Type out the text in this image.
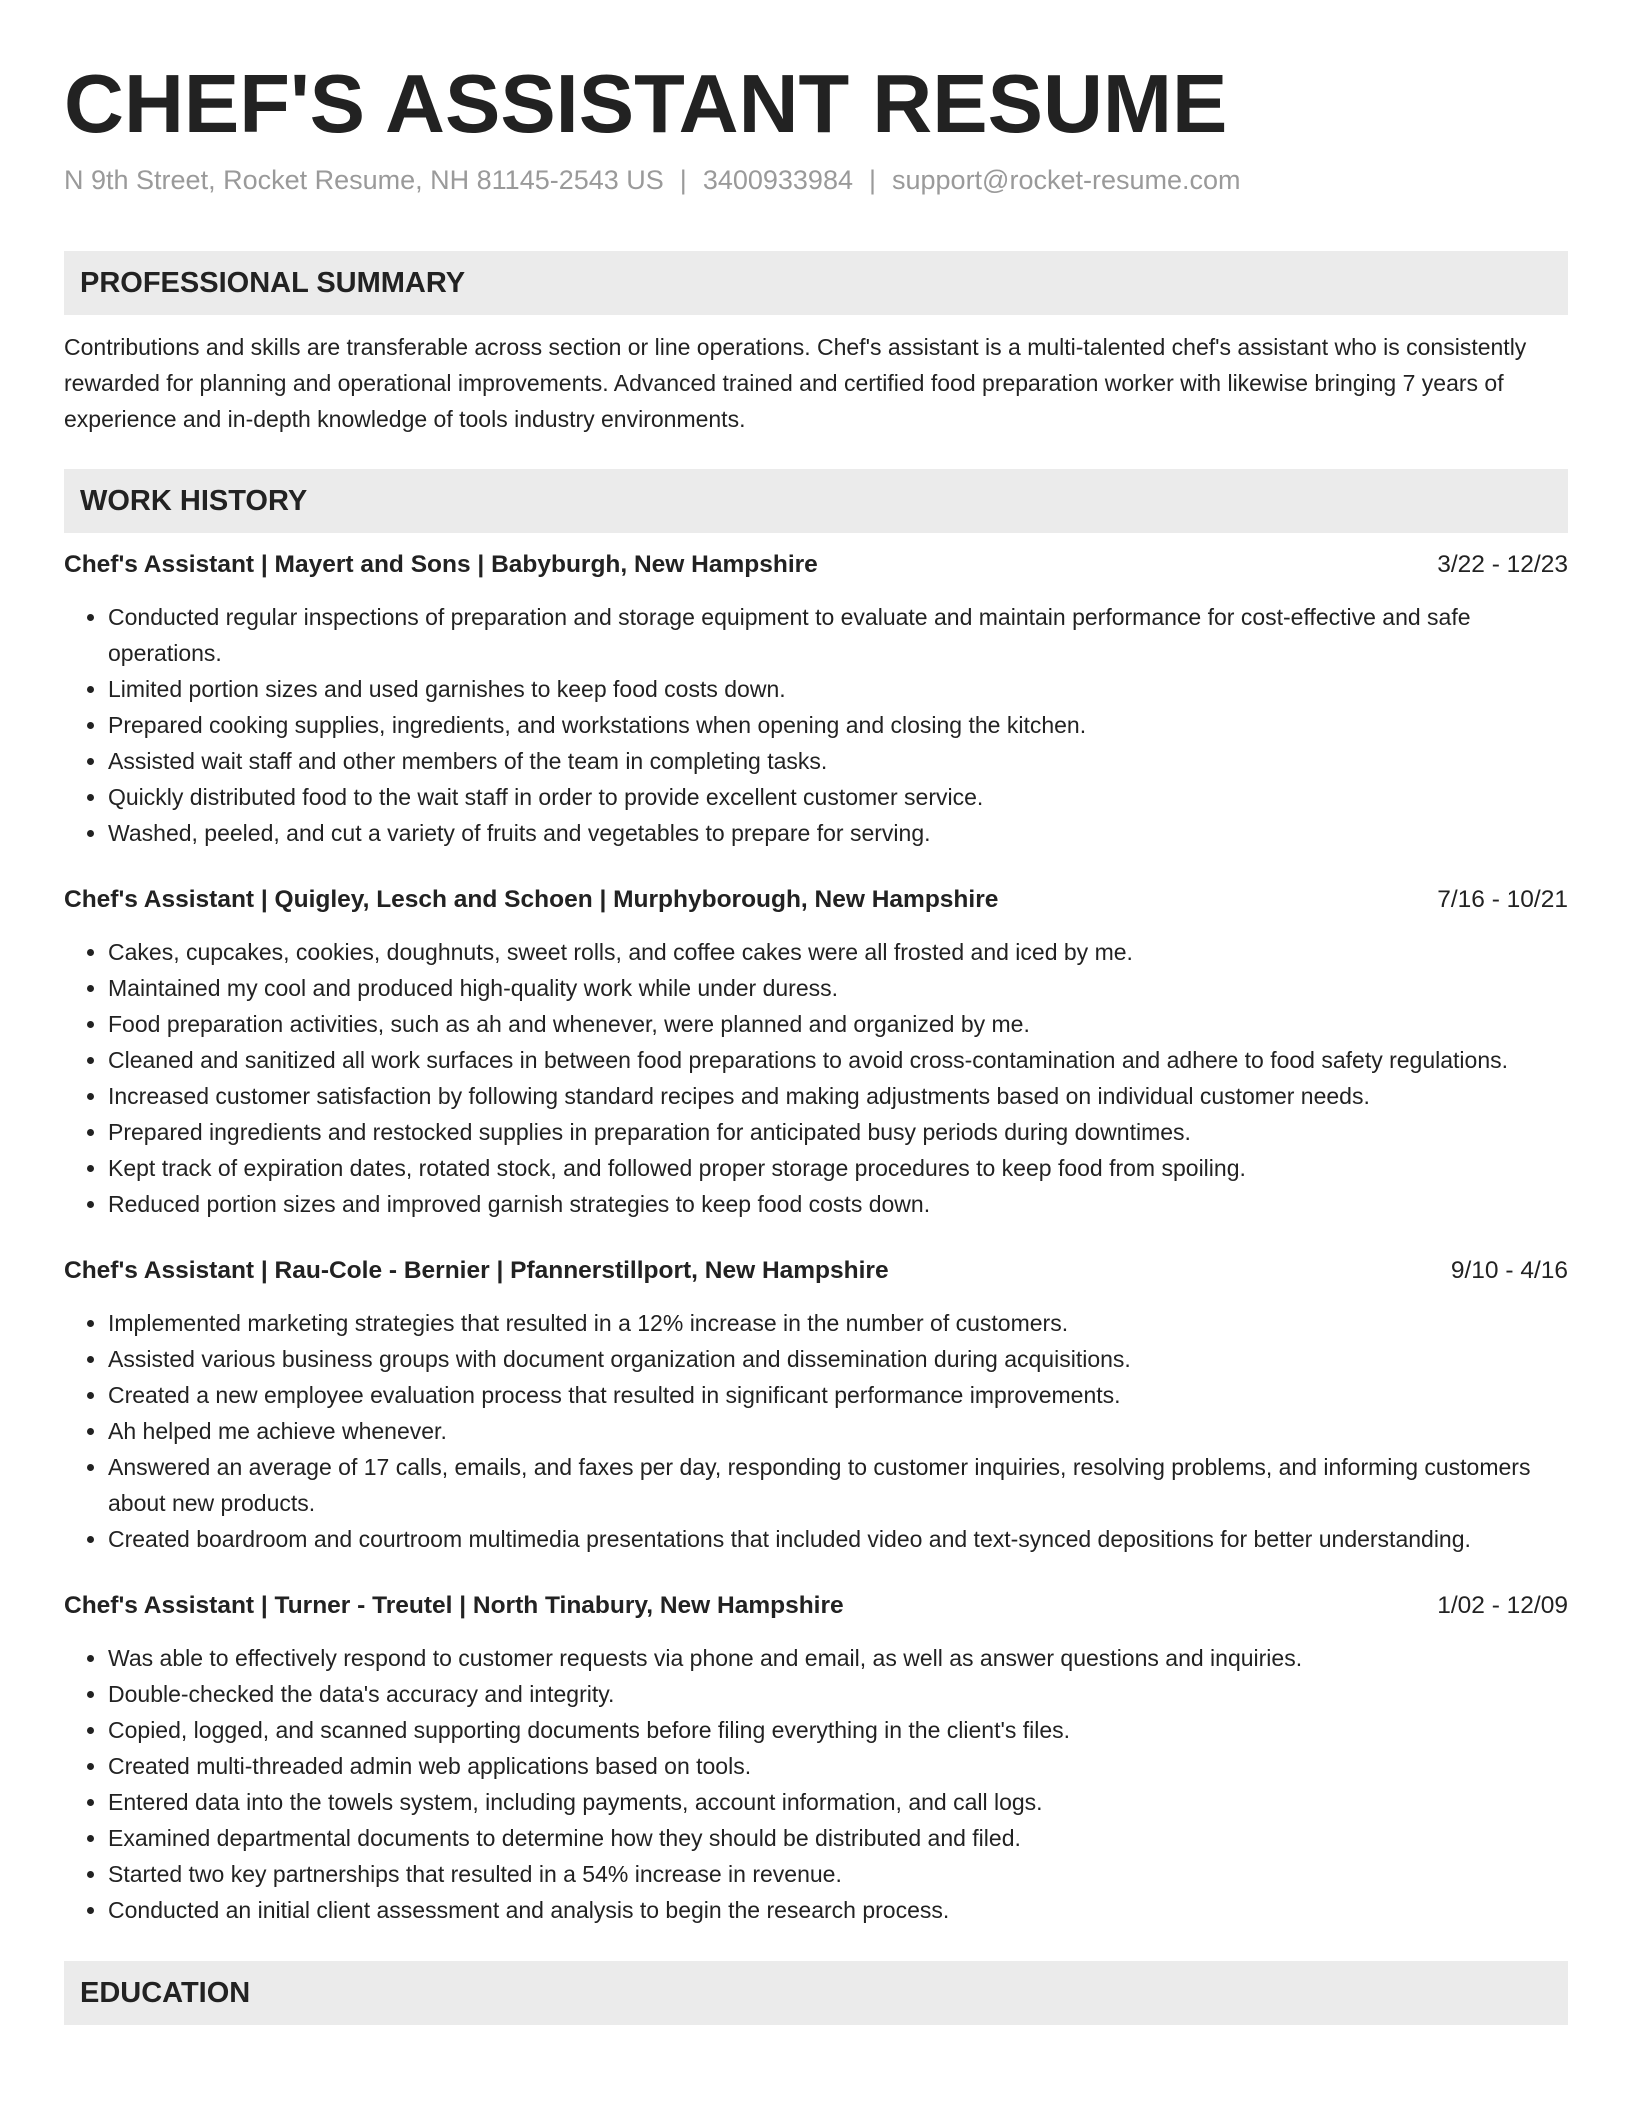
CHEF'S ASSISTANT RESUME
N 9th Street, Rocket Resume, NH 81145-2543 US | 3400933984 | support@rocket-resume.com
PROFESSIONAL SUMMARY
Contributions and skills are transferable across section or line operations. Chef's assistant is a multi-talented chef's assistant who is consistently rewarded for planning and operational improvements. Advanced trained and certified food preparation worker with likewise bringing 7 years of experience and in-depth knowledge of tools industry environments.
WORK HISTORY
Chef's Assistant | Mayert and Sons | Babyburgh, New Hampshire	3/22 - 12/23
• Conducted regular inspections of preparation and storage equipment to evaluate and maintain performance for cost-effective and safe operations.
• Limited portion sizes and used garnishes to keep food costs down.
• Prepared cooking supplies, ingredients, and workstations when opening and closing the kitchen.
• Assisted wait staff and other members of the team in completing tasks.
• Quickly distributed food to the wait staff in order to provide excellent customer service.
• Washed, peeled, and cut a variety of fruits and vegetables to prepare for serving.
Chef's Assistant | Quigley, Lesch and Schoen | Murphyborough, New Hampshire	7/16 - 10/21
• Cakes, cupcakes, cookies, doughnuts, sweet rolls, and coffee cakes were all frosted and iced by me.
• Maintained my cool and produced high-quality work while under duress.
• Food preparation activities, such as ah and whenever, were planned and organized by me.
• Cleaned and sanitized all work surfaces in between food preparations to avoid cross-contamination and adhere to food safety regulations.
• Increased customer satisfaction by following standard recipes and making adjustments based on individual customer needs.
• Prepared ingredients and restocked supplies in preparation for anticipated busy periods during downtimes.
• Kept track of expiration dates, rotated stock, and followed proper storage procedures to keep food from spoiling.
• Reduced portion sizes and improved garnish strategies to keep food costs down.
Chef's Assistant | Rau-Cole - Bernier | Pfannerstillport, New Hampshire	9/10 - 4/16
• Implemented marketing strategies that resulted in a 12% increase in the number of customers.
• Assisted various business groups with document organization and dissemination during acquisitions.
• Created a new employee evaluation process that resulted in significant performance improvements.
• Ah helped me achieve whenever.
• Answered an average of 17 calls, emails, and faxes per day, responding to customer inquiries, resolving problems, and informing customers about new products.
• Created boardroom and courtroom multimedia presentations that included video and text-synced depositions for better understanding.
Chef's Assistant | Turner - Treutel | North Tinabury, New Hampshire	1/02 - 12/09
• Was able to effectively respond to customer requests via phone and email, as well as answer questions and inquiries.
• Double-checked the data's accuracy and integrity.
• Copied, logged, and scanned supporting documents before filing everything in the client's files.
• Created multi-threaded admin web applications based on tools.
• Entered data into the towels system, including payments, account information, and call logs.
• Examined departmental documents to determine how they should be distributed and filed.
• Started two key partnerships that resulted in a 54% increase in revenue.
• Conducted an initial client assessment and analysis to begin the research process.
EDUCATION
